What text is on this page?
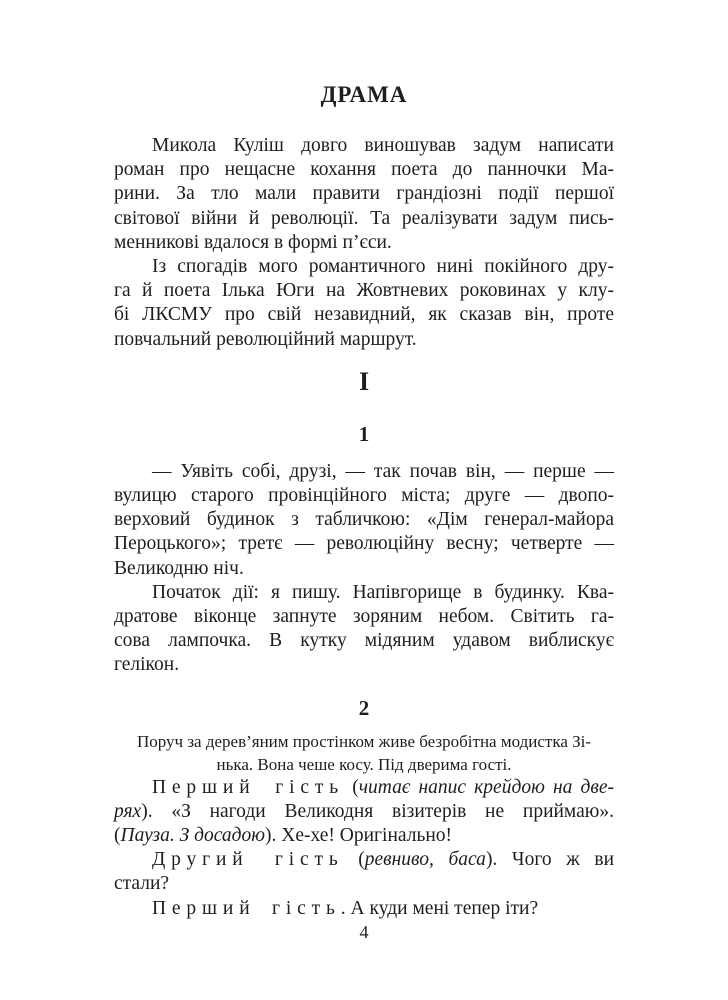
ДРАМА
Микола Куліш довго виношував задум написати
роман про нещасне кохання поета до панночки Ма-
рини. За тло мали правити грандіозні події першої
світової війни й революції. Та реалізувати задум пись-
менникові вдалося в формі п’єси.
Із спогадів мого романтичного нині покійного дру-
га й поета Ілька Юги на Жовтневих роковинах у клу-
бі ЛКСМУ про свій незавидний, як сказав він, проте
повчальний революційний маршрут.
I
1
— Уявіть собі, друзі, — так почав він, — перше —
вулицю старого провінційного міста; друге — двопо-
верховий будинок з табличкою: «Дім генерал-майора
Пероцького»; третє — революційну весну; четверте —
Великодню ніч.
Початок дії: я пишу. Напівгорище в будинку. Ква-
дратове віконце запнуте зоряним небом. Світить га-
сова лампочка. В кутку мідяним удавом виблискує
гелікон.
2
Поруч за дерев’яним простінком живе безробітна модистка Зі-
нька. Вона чеше косу. Під дверима гості.
Перший гість (читає напис крейдою на две-
рях). «З нагоди Великодня візитерів не приймаю».
(Пауза. З досадою). Хе-хе! Оригінально!
Другий гість (ревниво, баса). Чого ж ви стали?
Перший гість. А куди мені тепер іти?
4
